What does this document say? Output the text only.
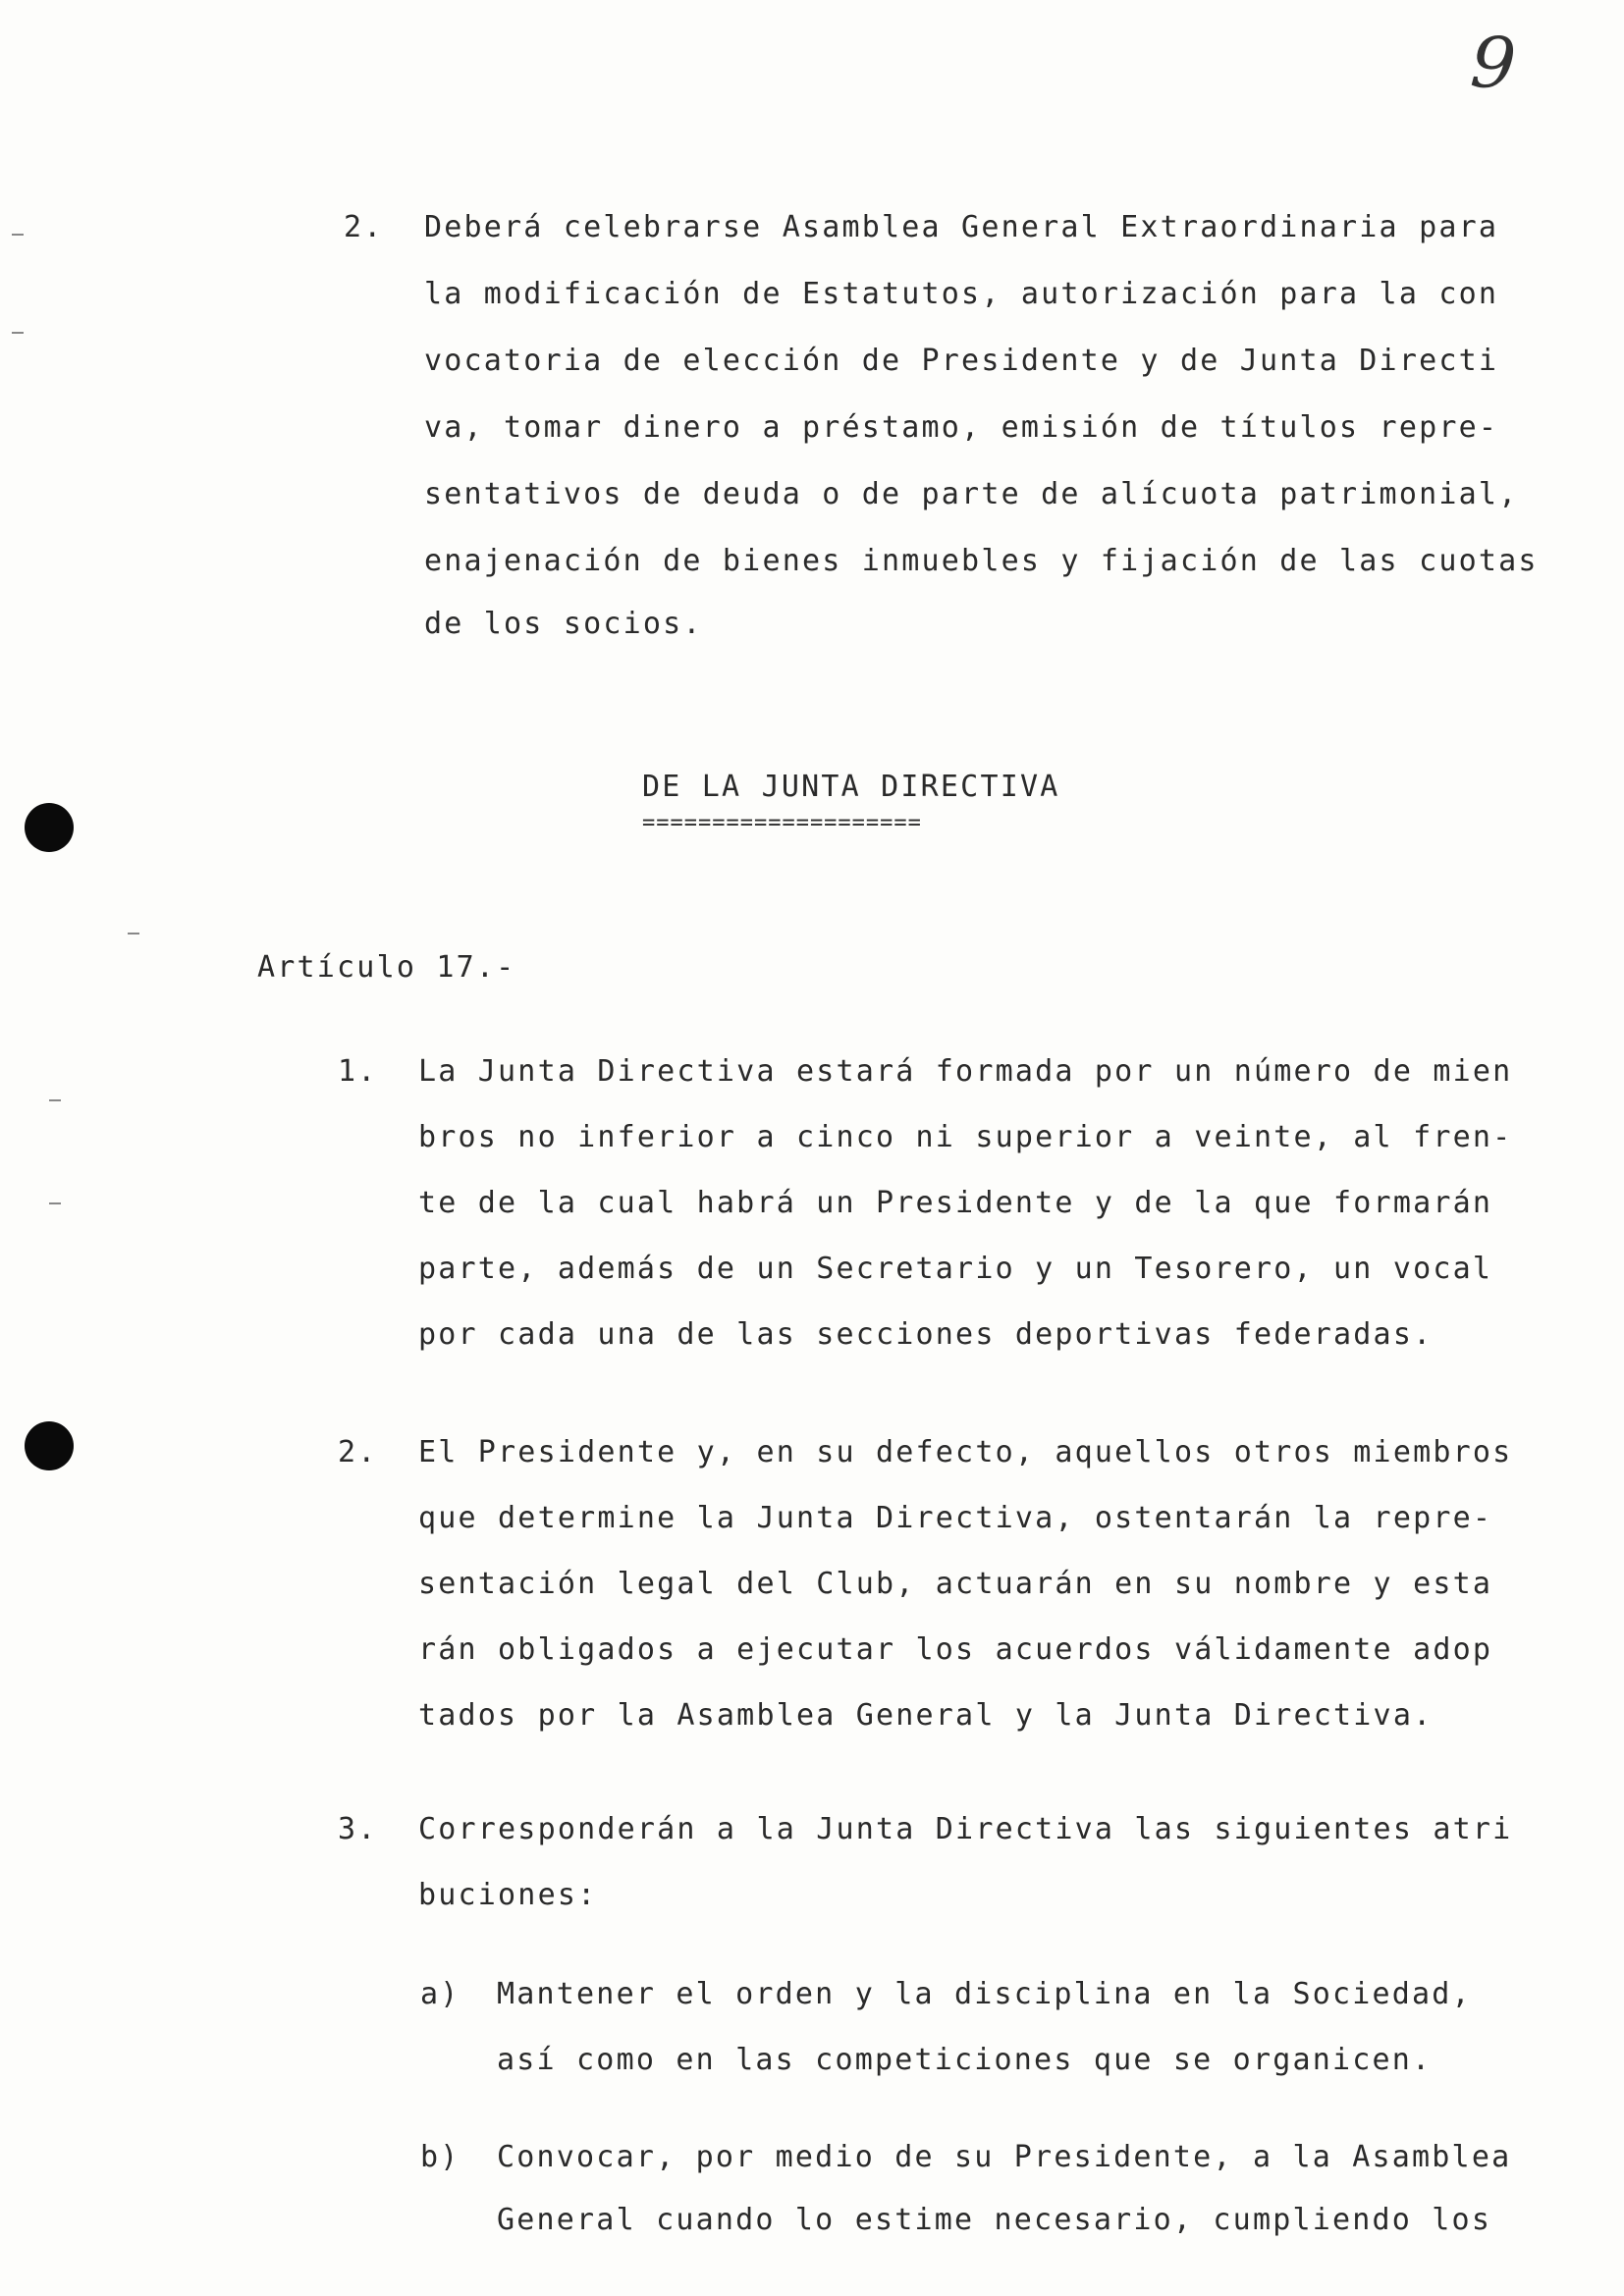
9
2. Deberá celebrarse Asamblea General Extraordinaria para
la modificación de Estatutos, autorización para la con
vocatoria de elección de Presidente y de Junta Directi
va, tomar dinero a préstamo, emisión de títulos repre-
sentativos de deuda o de parte de alícuota patrimonial,
enajenación de bienes inmuebles y fijación de las cuotas
de los socios.
DE LA JUNTA DIRECTIVA
====================
Artículo 17.-
1. La Junta Directiva estará formada por un número de mien
bros no inferior a cinco ni superior a veinte, al fren-
te de la cual habrá un Presidente y de la que formarán
parte, además de un Secretario y un Tesorero, un vocal
por cada una de las secciones deportivas federadas.
2. El Presidente y, en su defecto, aquellos otros miembros
que determine la Junta Directiva, ostentarán la repre-
sentación legal del Club, actuarán en su nombre y esta
rán obligados a ejecutar los acuerdos válidamente adop
tados por la Asamblea General y la Junta Directiva.
3. Corresponderán a la Junta Directiva las siguientes atri
buciones:
a) Mantener el orden y la disciplina en la Sociedad,
así como en las competiciones que se organicen.
b) Convocar, por medio de su Presidente, a la Asamblea
General cuando lo estime necesario, cumpliendo los
